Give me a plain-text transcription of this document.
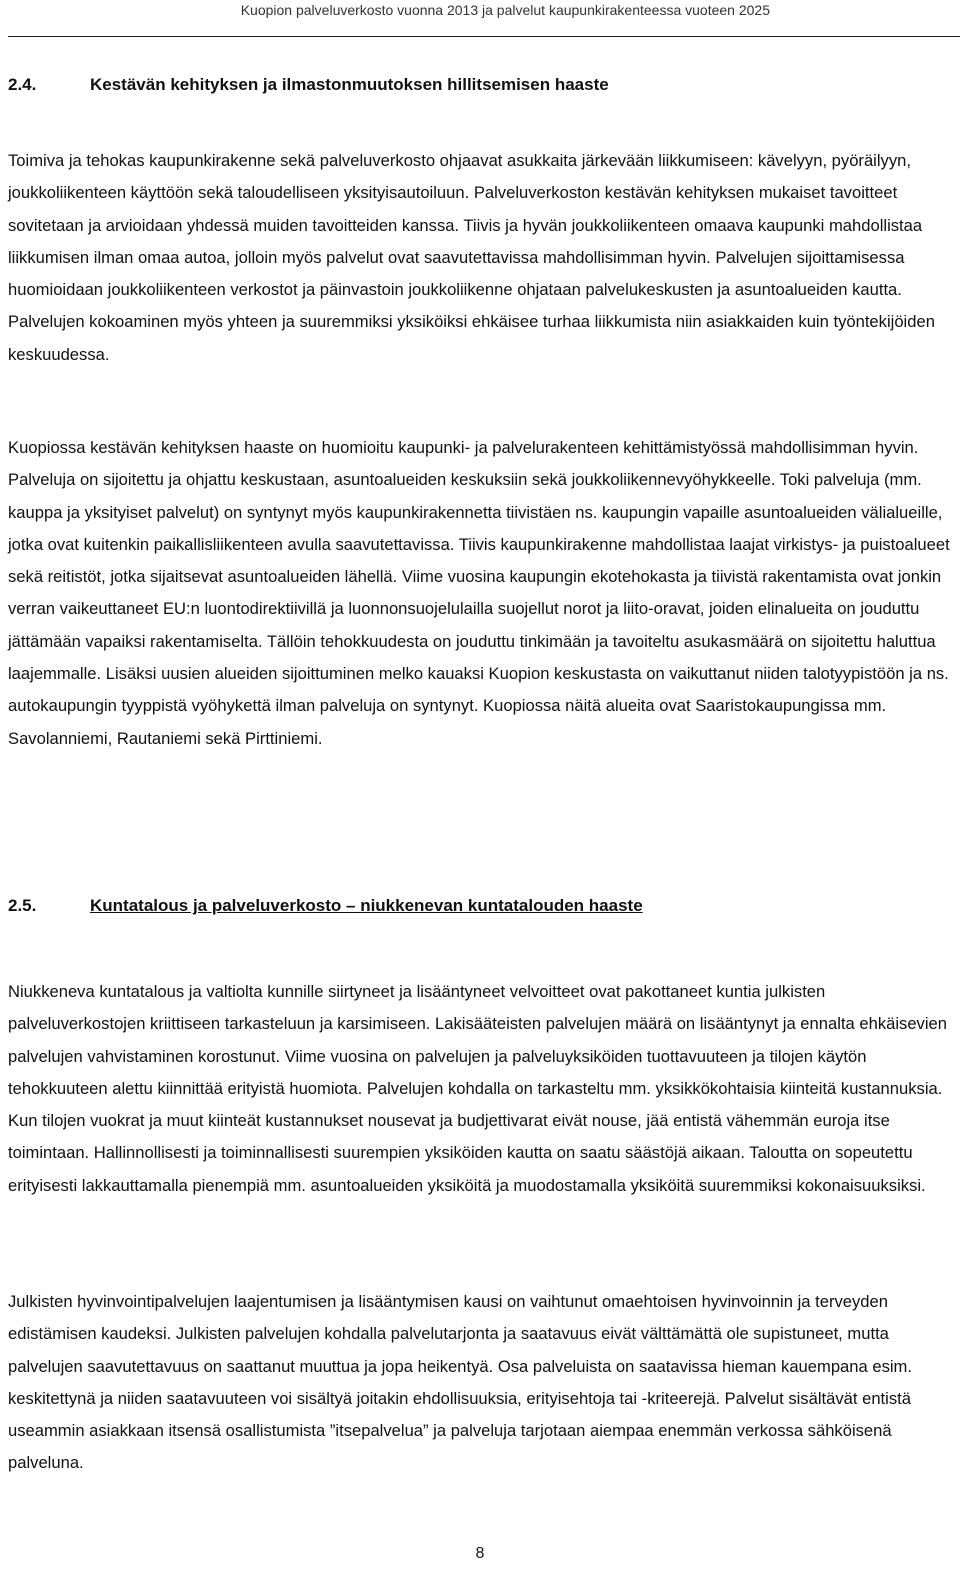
Kuopion palveluverkosto vuonna 2013 ja palvelut kaupunkirakenteessa vuoteen 2025
2.4.	Kestävän kehityksen ja ilmastonmuutoksen hillitsemisen haaste

Toimiva ja tehokas kaupunkirakenne sekä palveluverkosto ohjaavat asukkaita järkevään liikkumiseen: kävelyyn, pyöräilyyn, joukkoliikenteen käyttöön sekä taloudelliseen yksityisautoiluun. Palveluverkoston kestävän kehityksen mukaiset tavoitteet sovitetaan ja arvioidaan yhdessä muiden tavoitteiden kanssa. Tiivis ja hyvän joukkoliikenteen omaava kaupunki mahdollistaa liikkumisen ilman omaa autoa, jolloin myös palvelut ovat saavutettavissa mahdollisimman hyvin. Palvelujen sijoittamisessa huomioidaan joukkoliikenteen verkostot ja päinvastoin joukkoliikenne ohjataan palvelukeskusten ja asuntoalueiden kautta. Palvelujen kokoaminen myös yhteen ja suuremmiksi yksiköiksi ehkäisee turhaa liikkumista niin asiakkaiden kuin työntekijöiden keskuudessa.

Kuopiossa kestävän kehityksen haaste on huomioitu kaupunki- ja palvelurakenteen kehittämistyössä mahdollisimman hyvin. Palveluja on sijoitettu ja ohjattu keskustaan, asuntoalueiden keskuksiin sekä joukkoliikennevyöhykkeelle. Toki palveluja (mm. kauppa ja yksityiset palvelut) on syntynyt myös kaupunkirakennetta tiivistäen ns. kaupungin vapaille asuntoalueiden välialueille, jotka ovat kuitenkin paikallisliikenteen avulla saavutettavissa. Tiivis kaupunkirakenne mahdollistaa laajat virkistys- ja puistoalueet sekä reitistöt, jotka sijaitsevat asuntoalueiden lähellä. Viime vuosina kaupungin ekotehokasta ja tiivistä rakentamista ovat jonkin verran vaikeuttaneet EU:n luontodirektiivillä ja luonnonsuojelulailla suojellut norot ja liito-oravat, joiden elinalueita on jouduttu jättämään vapaiksi rakentamiselta. Tällöin tehokkuudesta on jouduttu tinkimään ja tavoiteltu asukasmäärä on sijoitettu haluttua laajemmalle. Lisäksi uusien alueiden sijoittuminen melko kauaksi Kuopion keskustasta on vaikuttanut niiden talotyypistöön ja ns. autokaupungin tyyppistä vyöhykettä ilman palveluja on syntynyt. Kuopiossa näitä alueita ovat Saaristokaupungissa mm. Savolanniemi, Rautaniemi sekä Pirttiniemi.

2.5.	Kuntatalous ja palveluverkosto – niukkenevan kuntatalouden haaste

Niukkeneva kuntatalous ja valtiolta kunnille siirtyneet ja lisääntyneet velvoitteet ovat pakottaneet kuntia julkisten palveluverkostojen kriittiseen tarkasteluun ja karsimiseen. Lakisääteisten palvelujen määrä on lisääntynyt ja ennalta ehkäisevien palvelujen vahvistaminen korostunut. Viime vuosina on palvelujen ja palveluyksiköiden tuottavuuteen ja tilojen käytön tehokkuuteen alettu kiinnittää erityistä huomiota. Palvelujen kohdalla on tarkasteltu mm. yksikkökohtaisia kiinteitä kustannuksia. Kun tilojen vuokrat ja muut kiinteät kustannukset nousevat ja budjettivarat eivät nouse, jää entistä vähemmän euroja itse toimintaan. Hallinnollisesti ja toiminnallisesti suurempien yksiköiden kautta on saatu säästöjä aikaan. Taloutta on sopeutettu erityisesti lakkauttamalla pienempiä mm. asuntoalueiden yksiköitä ja muodostamalla yksiköitä suuremmiksi kokonaisuuksiksi.

Julkisten hyvinvointipalvelujen laajentumisen ja lisääntymisen kausi on vaihtunut omaehtoisen hyvinvoinnin ja terveyden edistämisen kaudeksi. Julkisten palvelujen kohdalla palvelutarjonta ja saatavuus eivät välttämättä ole supistuneet, mutta palvelujen saavutettavuus on saattanut muuttua ja jopa heikentyä. Osa palveluista on saatavissa hieman kauempana esim. keskitettynä ja niiden saatavuuteen voi sisältyä joitakin ehdollisuuksia, erityisehtoja tai -kriteerejä. Palvelut sisältävät entistä useammin asiakkaan itsensä osallistumista ”itsepalvelua” ja palveluja tarjotaan aiempaa enemmän verkossa sähköisenä palveluna.

8
